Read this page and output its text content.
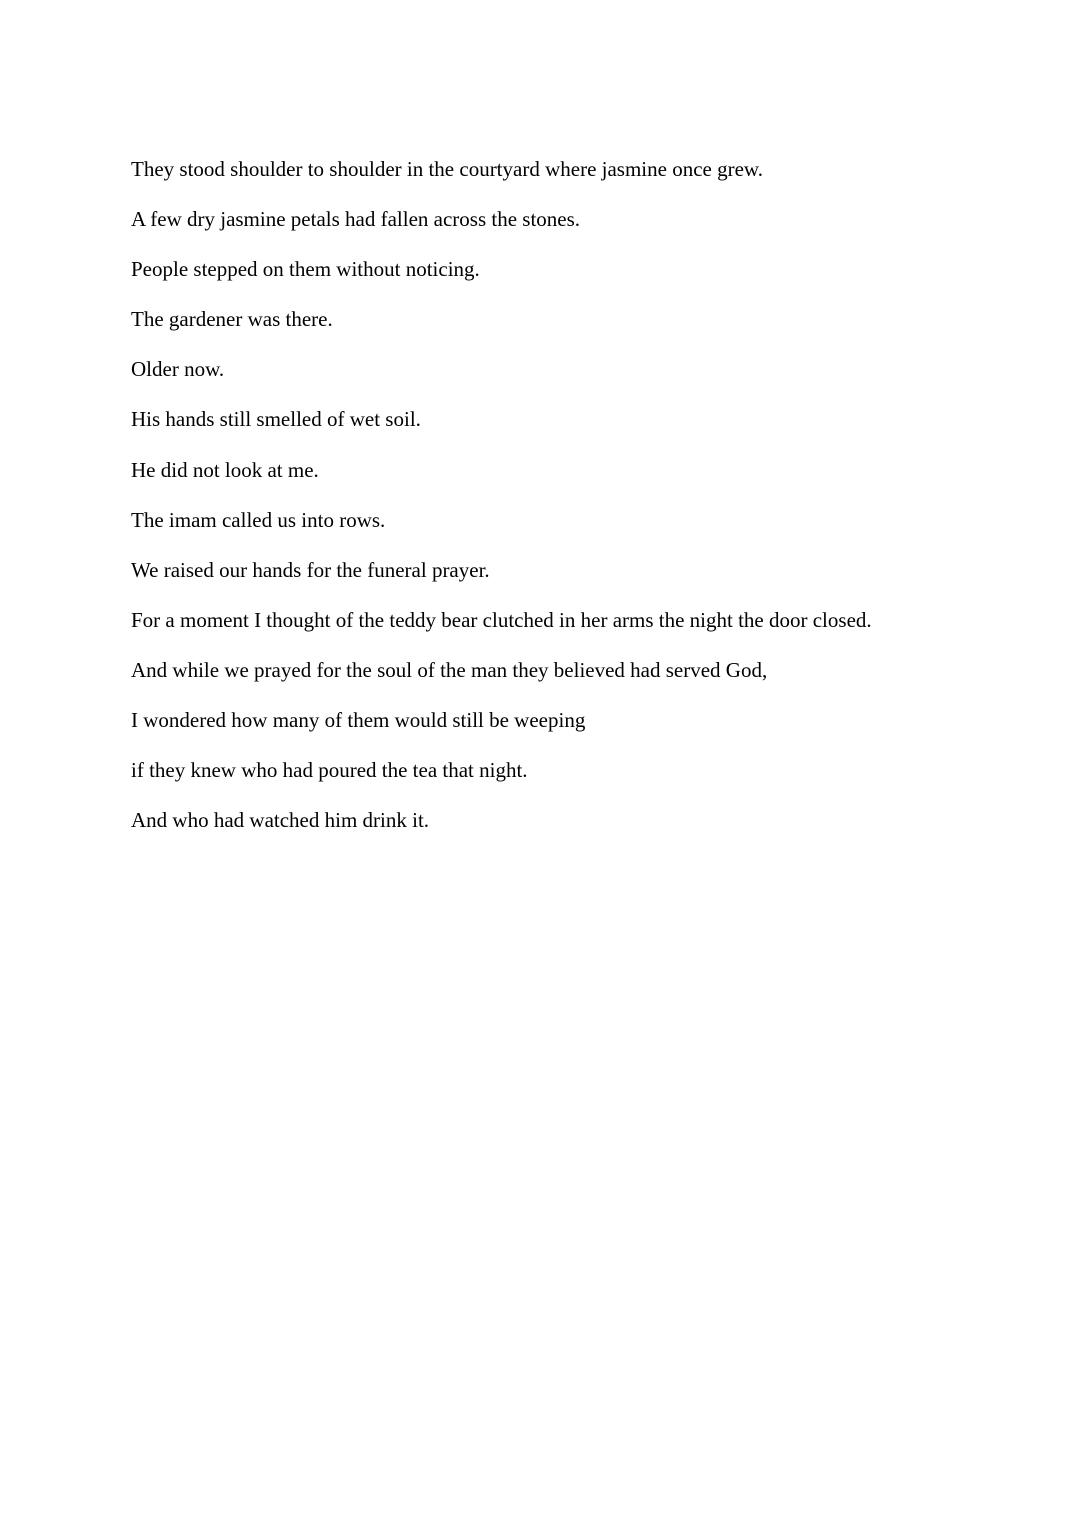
They stood shoulder to shoulder in the courtyard where jasmine once grew.

A few dry jasmine petals had fallen across the stones.

People stepped on them without noticing.

The gardener was there.

Older now.

His hands still smelled of wet soil.

He did not look at me.

The imam called us into rows.

We raised our hands for the funeral prayer.

For a moment I thought of the teddy bear clutched in her arms the night the door closed.

And while we prayed for the soul of the man they believed had served God,

I wondered how many of them would still be weeping

if they knew who had poured the tea that night.

And who had watched him drink it.
